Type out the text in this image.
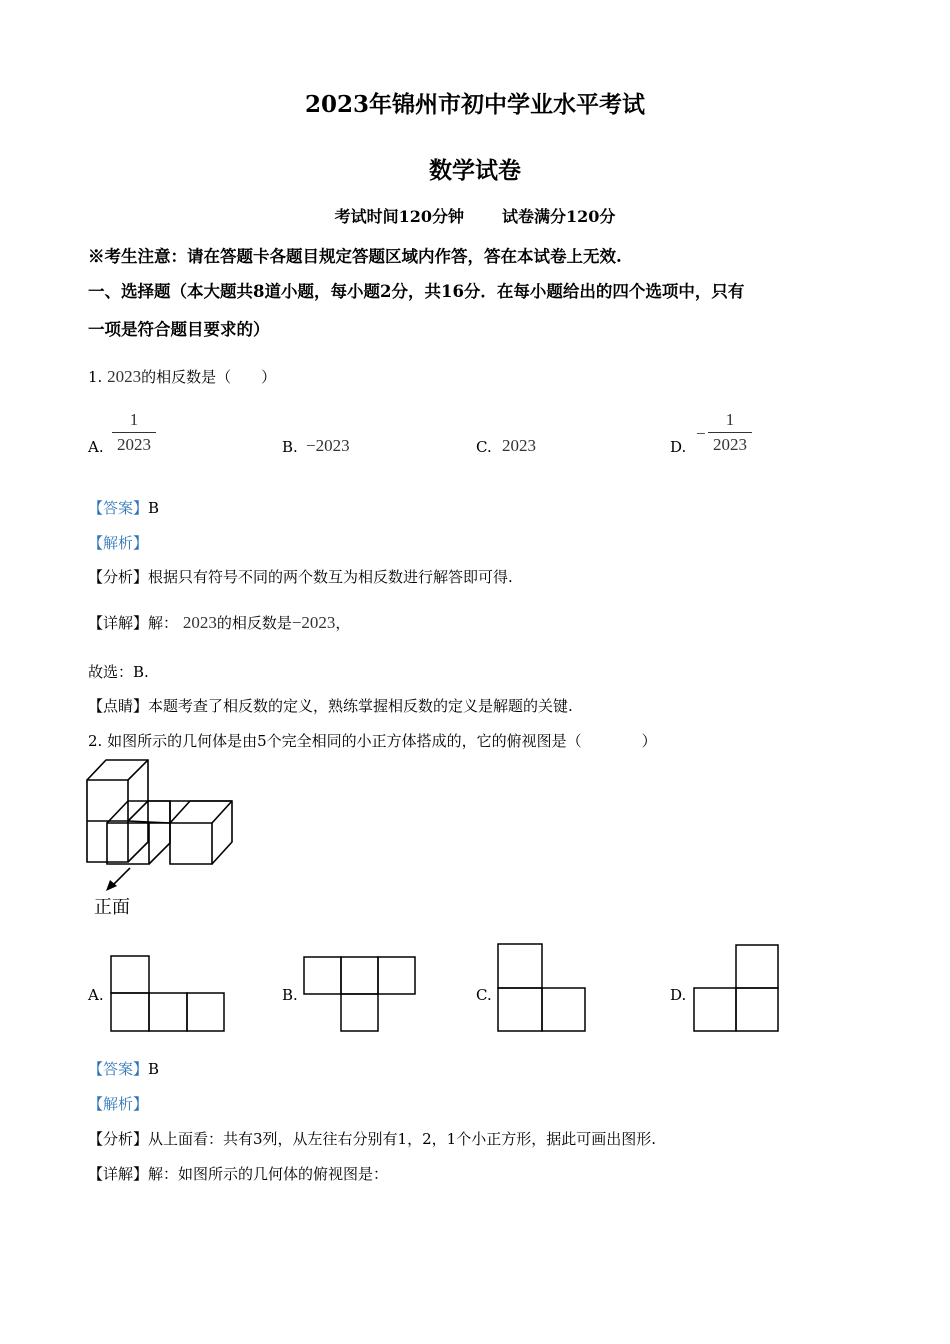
2023年锦州市初中学业水平考试
数学试卷
考试时间120分钟 试卷满分120分
※考生注意：请在答题卡各题目规定答题区域内作答，答在本试卷上无效.
一、选择题（本大题共8道小题，每小题2分，共16分．在每小题给出的四个选项中，只有
一项是符合题目要求的）
1. 2023的相反数是（　　）
A.
1
2023	B. −2023	C. 2023	D.
−
1
2023
【答案】B
【解析】
【分析】根据只有符号不同的两个数互为相反数进行解答即可得.
【详解】解： 2023的相反数是−2023，
故选：B.
【点睛】本题考查了相反数的定义，熟练掌握相反数的定义是解题的关键.
2. 如图所示的几何体是由5个完全相同的小正方体搭成的，它的俯视图是（　　　　）
正面
A.	B.	C.	D.
【答案】B
【解析】
【分析】从上面看：共有3列，从左往右分别有1，2，1个小正方形，据此可画出图形.
【详解】解：如图所示的几何体的俯视图是：
